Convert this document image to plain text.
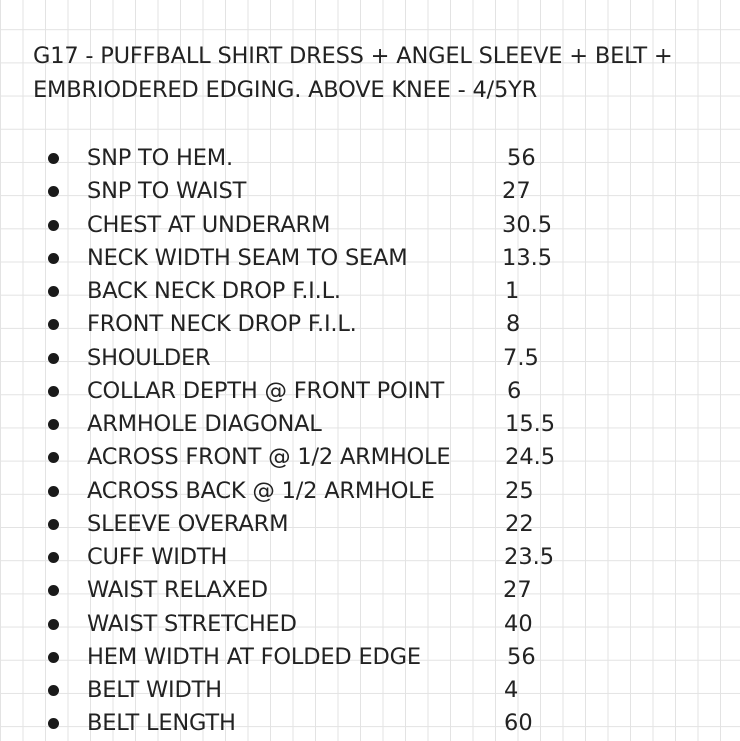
G17 - PUFFBALL SHIRT DRESS + ANGEL SLEEVE + BELT +
EMBRIODERED EDGING. ABOVE KNEE - 4/5YR
SNP TO HEM.	56
SNP TO WAIST	27
CHEST AT UNDERARM	30.5
NECK WIDTH SEAM TO SEAM	13.5
BACK NECK DROP F.I.L.	1
FRONT NECK DROP F.I.L.	8
SHOULDER	7.5
COLLAR DEPTH @ FRONT POINT	6
ARMHOLE DIAGONAL	15.5
ACROSS FRONT @ 1/2 ARMHOLE 24.5
ACROSS BACK @ 1/2 ARMHOLE	25
SLEEVE OVERARM	22
CUFF WIDTH	23.5
WAIST RELAXED	27
WAIST STRETCHED	40
HEM WIDTH AT FOLDED EDGE	56
BELT WIDTH	4
BELT LENGTH	60
